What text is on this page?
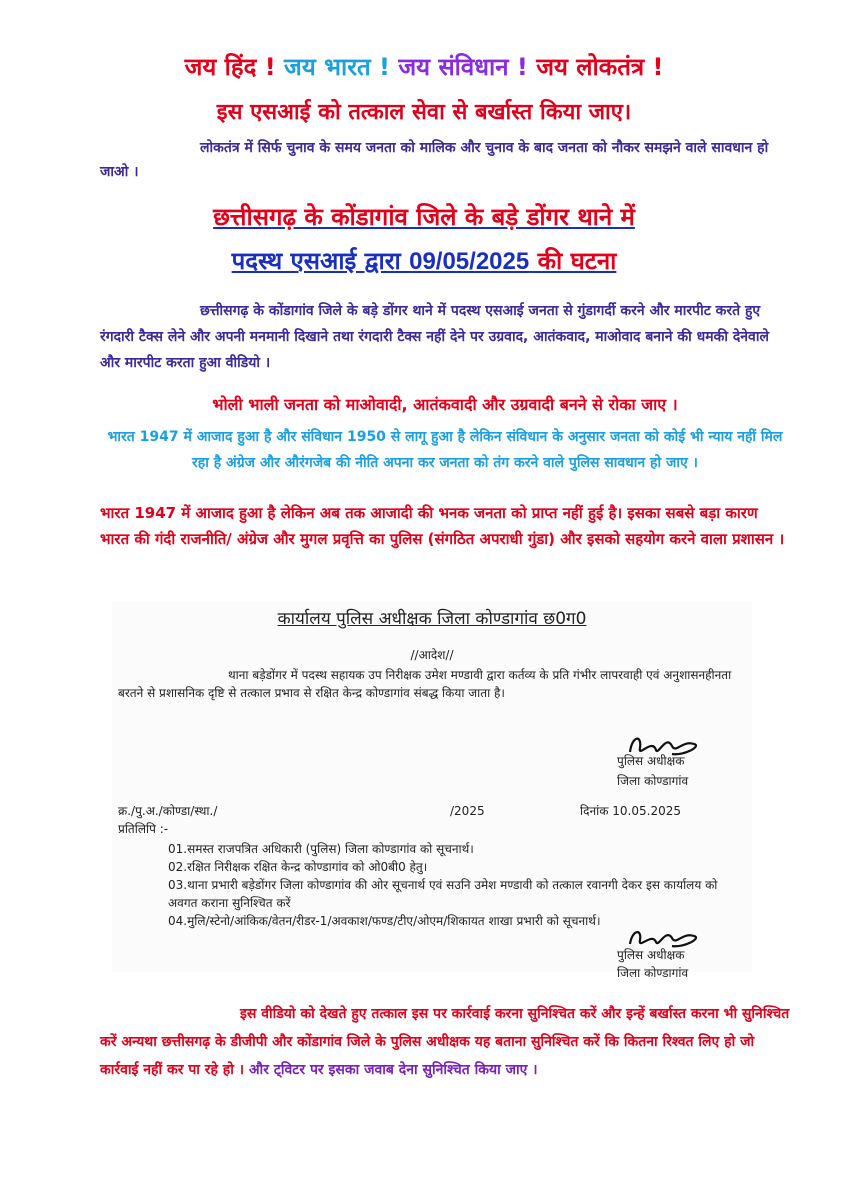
जय हिंद ! जय भारत ! जय संविधान ! जय लोकतंत्र !
इस एसआई को तत्काल सेवा से बर्खास्त किया जाए।
लोकतंत्र में सिर्फ चुनाव के समय जनता को मालिक और चुनाव के बाद जनता को नौकर समझने वाले सावधान हो जाओ ।
छत्तीसगढ़ के कोंडागांव जिले के बड़े डोंगर थाने में
पदस्थ एसआई द्वारा 09/05/2025 की घटना
छत्तीसगढ़ के कोंडागांव जिले के बड़े डोंगर थाने में पदस्थ एसआई जनता से गुंडागर्दी करने और मारपीट करते हुए रंगदारी टैक्स लेने और अपनी मनमानी दिखाने तथा रंगदारी टैक्स नहीं देने पर उग्रवाद, आतंकवाद, माओवाद बनाने की धमकी देनेवाले और मारपीट करता हुआ वीडियो ।
भोली भाली जनता को माओवादी, आतंकवादी और उग्रवादी बनने से रोका जाए ।
भारत 1947 में आजाद हुआ है और संविधान 1950 से लागू हुआ है लेकिन संविधान के अनुसार जनता को कोई भी न्याय नहीं मिल रहा है अंग्रेज और औरंगजेब की नीति अपना कर जनता को तंग करने वाले पुलिस सावधान हो जाए ।
भारत 1947 में आजाद हुआ है लेकिन अब तक आजादी की भनक जनता को प्राप्त नहीं हुई है। इसका सबसे बड़ा कारण भारत की गंदी राजनीति/ अंग्रेज और मुगल प्रवृत्ति का पुलिस (संगठित अपराधी गुंडा) और इसको सहयोग करने वाला प्रशासन ।
कार्यालय पुलिस अधीक्षक जिला कोण्डागांव छ0ग0
//आदेश//
थाना बड़ेडोंगर में पदस्थ सहायक उप निरीक्षक उमेश मण्डावी द्वारा कर्तव्य के प्रति गंभीर लापरवाही एवं अनुशासनहीनता बरतने से प्रशासनिक दृष्टि से तत्काल प्रभाव से रक्षित केन्द्र कोण्डागांव संबद्ध किया जाता है।
पुलिस अधीक्षक
जिला कोण्डागांव
क्र./पु.अ./कोण्डा/स्था./	/2025	दिनांक 10.05.2025
प्रतिलिपि :-
01.समस्त राजपत्रित अधिकारी (पुलिस) जिला कोण्डागांव को सूचनार्थ।
02.रक्षित निरीक्षक रक्षित केन्द्र कोण्डागांव को ओ0बी0 हेतु।
03.थाना प्रभारी बड़ेडोंगर जिला कोण्डागांव की ओर सूचनार्थ एवं सउनि उमेश मण्डावी को तत्काल रवानगी देकर इस कार्यालय को अवगत कराना सुनिश्चित करें
04.मुलि/स्टेनो/आंकिक/वेतन/रीडर-1/अवकाश/फण्ड/टीए/ओएम/शिकायत शाखा प्रभारी को सूचनार्थ।
पुलिस अधीक्षक
जिला कोण्डागांव
इस वीडियो को देखते हुए तत्काल इस पर कार्रवाई करना सुनिश्चित करें और इन्हें बर्खास्त करना भी सुनिश्चित करें अन्यथा छत्तीसगढ़ के डीजीपी और कोंडागांव जिले के पुलिस अधीक्षक यह बताना सुनिश्चित करें कि कितना रिश्वत लिए हो जो कार्रवाई नहीं कर पा रहे हो । और ट्विटर पर इसका जवाब देना सुनिश्चित किया जाए ।
